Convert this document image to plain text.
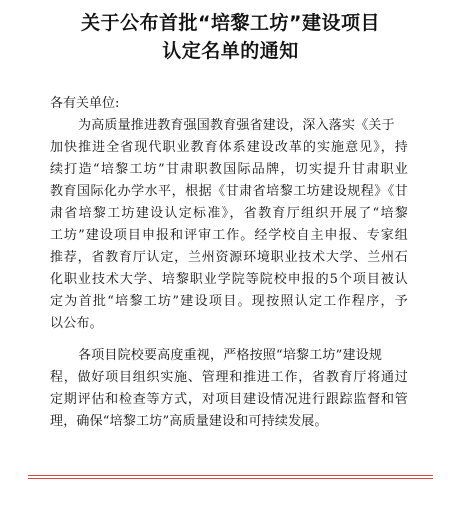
关于公布首批“培黎工坊”建设项目
认定名单的通知
各有关单位:
为高质量推进教育强国教育强省建设，深入落实《关于
加快推进全省现代职业教育体系建设改革的实施意见》，持
续打造“培黎工坊”甘肃职教国际品牌，切实提升甘肃职业
教育国际化办学水平，根据《甘肃省培黎工坊建设规程》《甘
肃省培黎工坊建设认定标准》，省教育厅组织开展了“培黎
工坊”建设项目申报和评审工作。经学校自主申报、专家组
推荐，省教育厅认定，兰州资源环境职业技术大学、兰州石
化职业技术大学、培黎职业学院等院校申报的5个项目被认
定为首批“培黎工坊”建设项目。现按照认定工作程序，予
以公布。
各项目院校要高度重视，严格按照“培黎工坊”建设规
程，做好项目组织实施、管理和推进工作，省教育厅将通过
定期评估和检查等方式，对项目建设情况进行跟踪监督和管
理，确保“培黎工坊”高质量建设和可持续发展。
